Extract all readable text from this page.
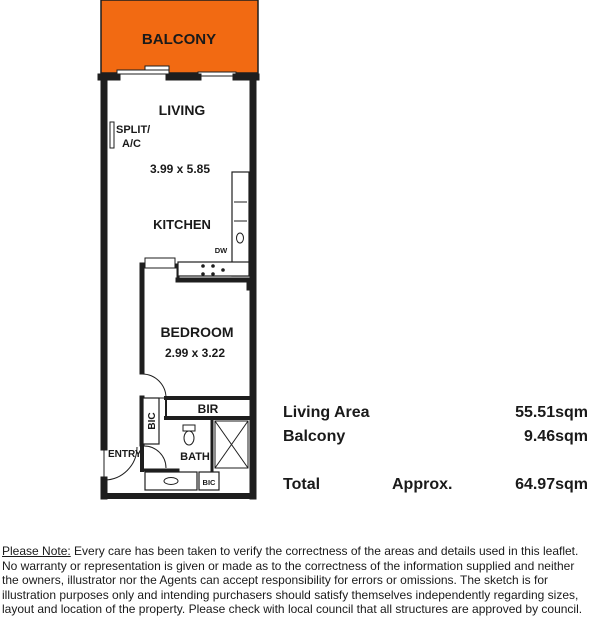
BALCONY
BIC
BIC
LIVING
SPLIT/
A/C
3.99 x 5.85
KITCHEN
DW
BEDROOM
2.99 x 3.22
BIR
ENTRY	BATH
Living Area	55.51sqm
Balcony	9.46sqm
Total	Approx.	64.97sqm
Please Note: Every care has been taken to verify the correctness of the areas and details used in this leaflet.
No warranty or representation is given or made as to the correctness of the information supplied and neither
the owners, illustrator nor the Agents can accept responsibility for errors or omissions. The sketch is for
illustration purposes only and intending purchasers should satisfy themselves independently regarding sizes,
layout and location of the property. Please check with local council that all structures are approved by council.
